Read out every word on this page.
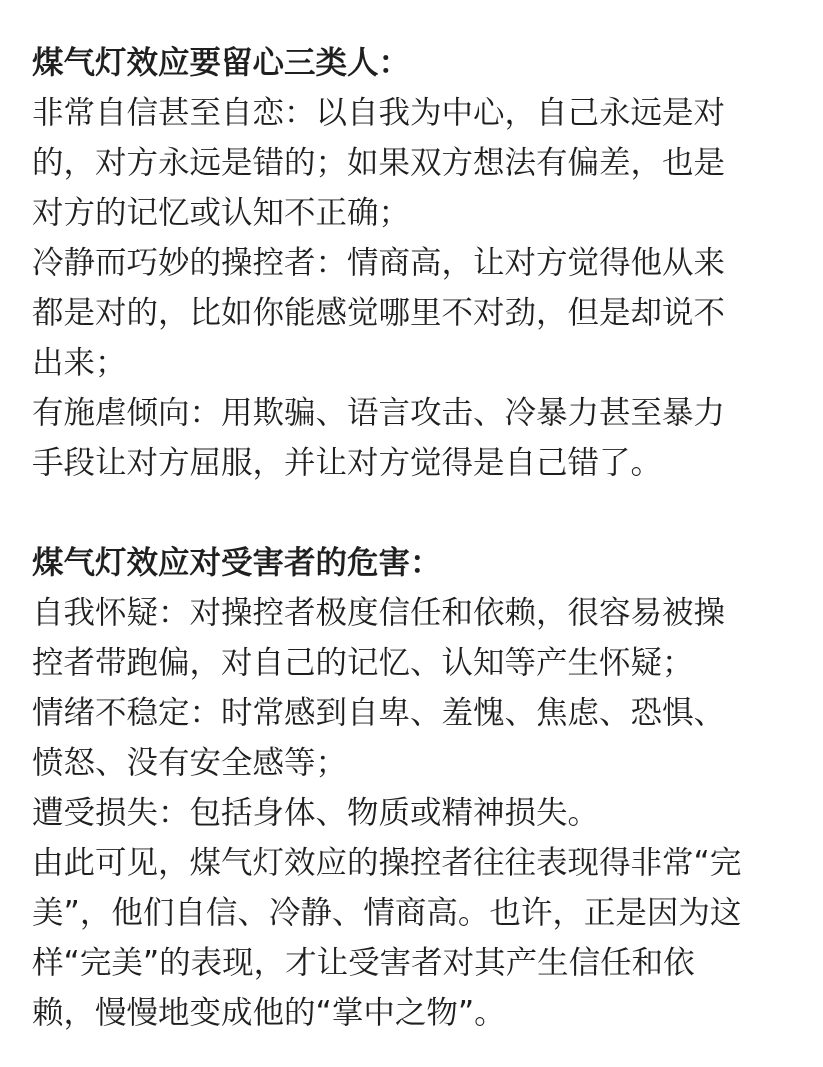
煤气灯效应要留心三类人：
非常自信甚至自恋：以自我为中心，自己永远是对
的，对方永远是错的；如果双方想法有偏差，也是
对方的记忆或认知不正确；
冷静而巧妙的操控者：情商高，让对方觉得他从来
都是对的，比如你能感觉哪里不对劲，但是却说不
出来；
有施虐倾向：用欺骗、语言攻击、冷暴力甚至暴力
手段让对方屈服，并让对方觉得是自己错了。
煤气灯效应对受害者的危害：
自我怀疑：对操控者极度信任和依赖，很容易被操
控者带跑偏，对自己的记忆、认知等产生怀疑；
情绪不稳定：时常感到自卑、羞愧、焦虑、恐惧、
愤怒、没有安全感等；
遭受损失：包括身体、物质或精神损失。
由此可见，煤气灯效应的操控者往往表现得非常“完
美”，他们自信、冷静、情商高。也许，正是因为这
样“完美”的表现，才让受害者对其产生信任和依
赖，慢慢地变成他的“掌中之物”。
